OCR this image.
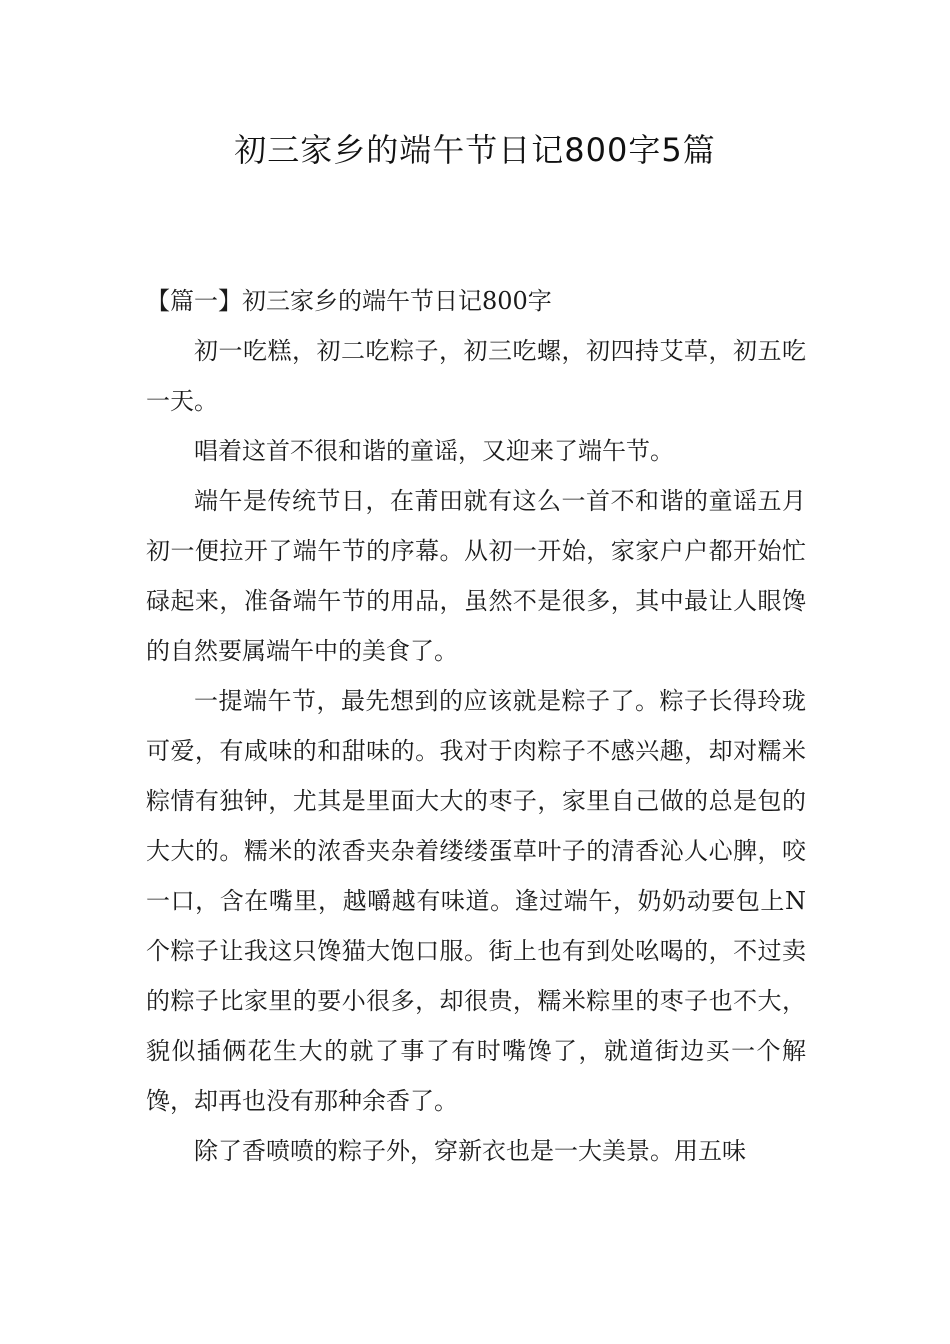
初三家乡的端午节日记800字5篇

【篇一】初三家乡的端午节日记800字

初一吃糕，初二吃粽子，初三吃螺，初四持艾草，初五吃一天。

唱着这首不很和谐的童谣，又迎来了端午节。

端午是传统节日，在莆田就有这么一首不和谐的童谣五月初一便拉开了端午节的序幕。从初一开始，家家户户都开始忙碌起来，准备端午节的用品，虽然不是很多，其中最让人眼馋的自然要属端午中的美食了。

一提端午节，最先想到的应该就是粽子了。粽子长得玲珑可爱，有咸味的和甜味的。我对于肉粽子不感兴趣，却对糯米粽情有独钟，尤其是里面大大的枣子，家里自己做的总是包的大大的。糯米的浓香夹杂着缕缕蛋草叶子的清香沁人心脾，咬一口，含在嘴里，越嚼越有味道。逢过端午，奶奶动要包上N个粽子让我这只馋猫大饱口服。街上也有到处吆喝的，不过卖的粽子比家里的要小很多，却很贵，糯米粽里的枣子也不大，貌似插俩花生大的就了事了有时嘴馋了，就道街边买一个解馋，却再也没有那种余香了。

除了香喷喷的粽子外，穿新衣也是一大美景。用五味
